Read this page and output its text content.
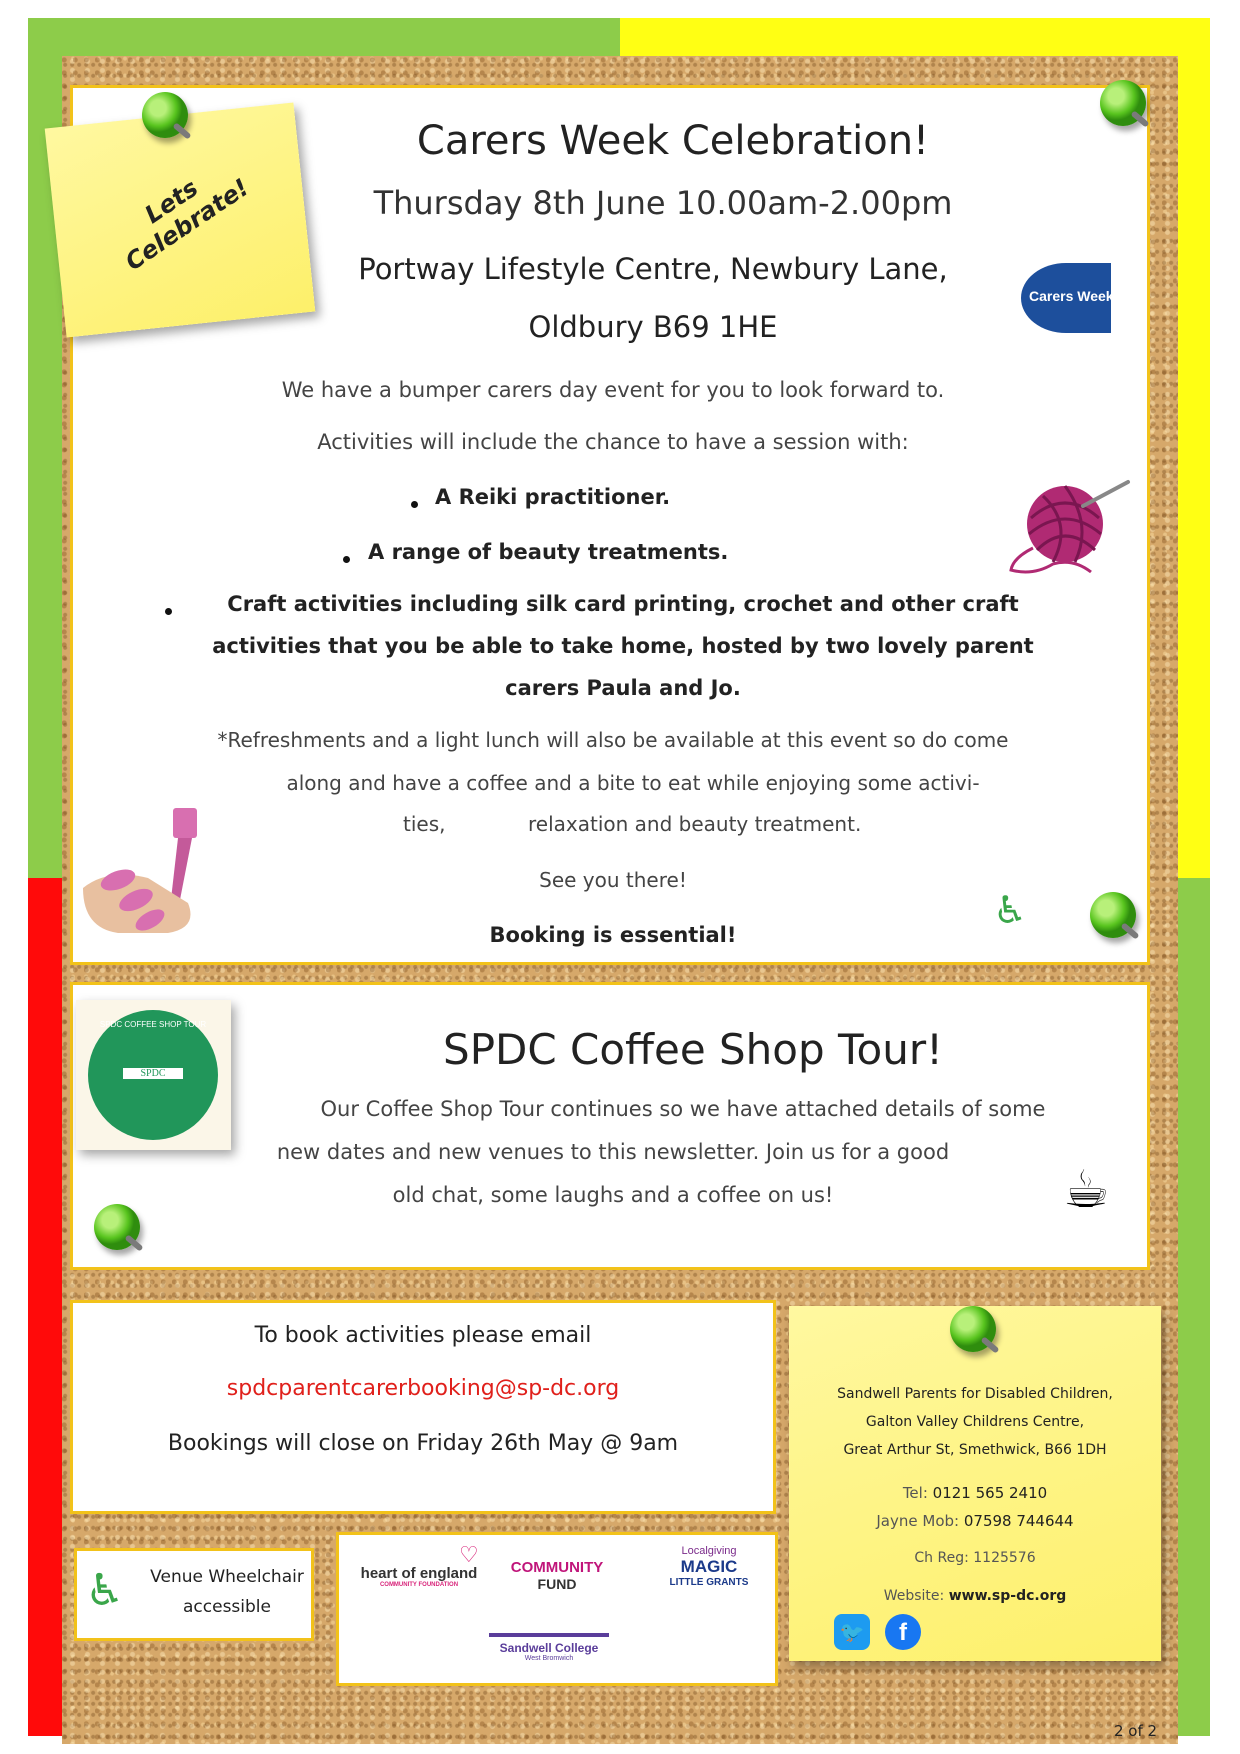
Carers Week Celebration!
Thursday 8th June 10.00am-2.00pm
Portway Lifestyle Centre, Newbury Lane,
Oldbury B69 1HE
Carers Week
We have a bumper carers day event for you to look forward to.
Activities will include the chance to have a session with:
A Reiki practitioner.
A range of beauty treatments.
Craft activities including silk card printing, crochet and other craft
activities that you be able to take home, hosted by two lovely parent
carers Paula and Jo.
*Refreshments and a light lunch will also be available at this event so do come
along and have a coffee and a bite to eat while enjoying some activi-
ties,	relaxation and beauty treatment.
See you there!
Booking is essential!
♿
Lets Celebrate!
SPDC Coffee Shop Tour!
Our Coffee Shop Tour continues so we have attached details of some
new dates and new venues to this newsletter. Join us for a good
old chat, some laughs and a coffee on us!	☕
SPDC COFFEE SHOP TOUR
SPDC
To book activities please email
spdcparentcarerbooking@sp-dc.org
Bookings will close on Friday 26th May @ 9am
♿ Venue Wheelchair
accessible
heart of england
COMMUNITY FOUNDATION
♡	COMMUNITY
FUND
Localgiving
MAGIC
LITTLE GRANTS
Sandwell College
West Bromwich
Sandwell Parents for Disabled Children,
Galton Valley Childrens Centre,
Great Arthur St, Smethwick, B66 1DH
Tel: 0121 565 2410
Jayne Mob: 07598 744644
Ch Reg: 1125576
Website: www.sp-dc.org
🐦	f
2 of 2
